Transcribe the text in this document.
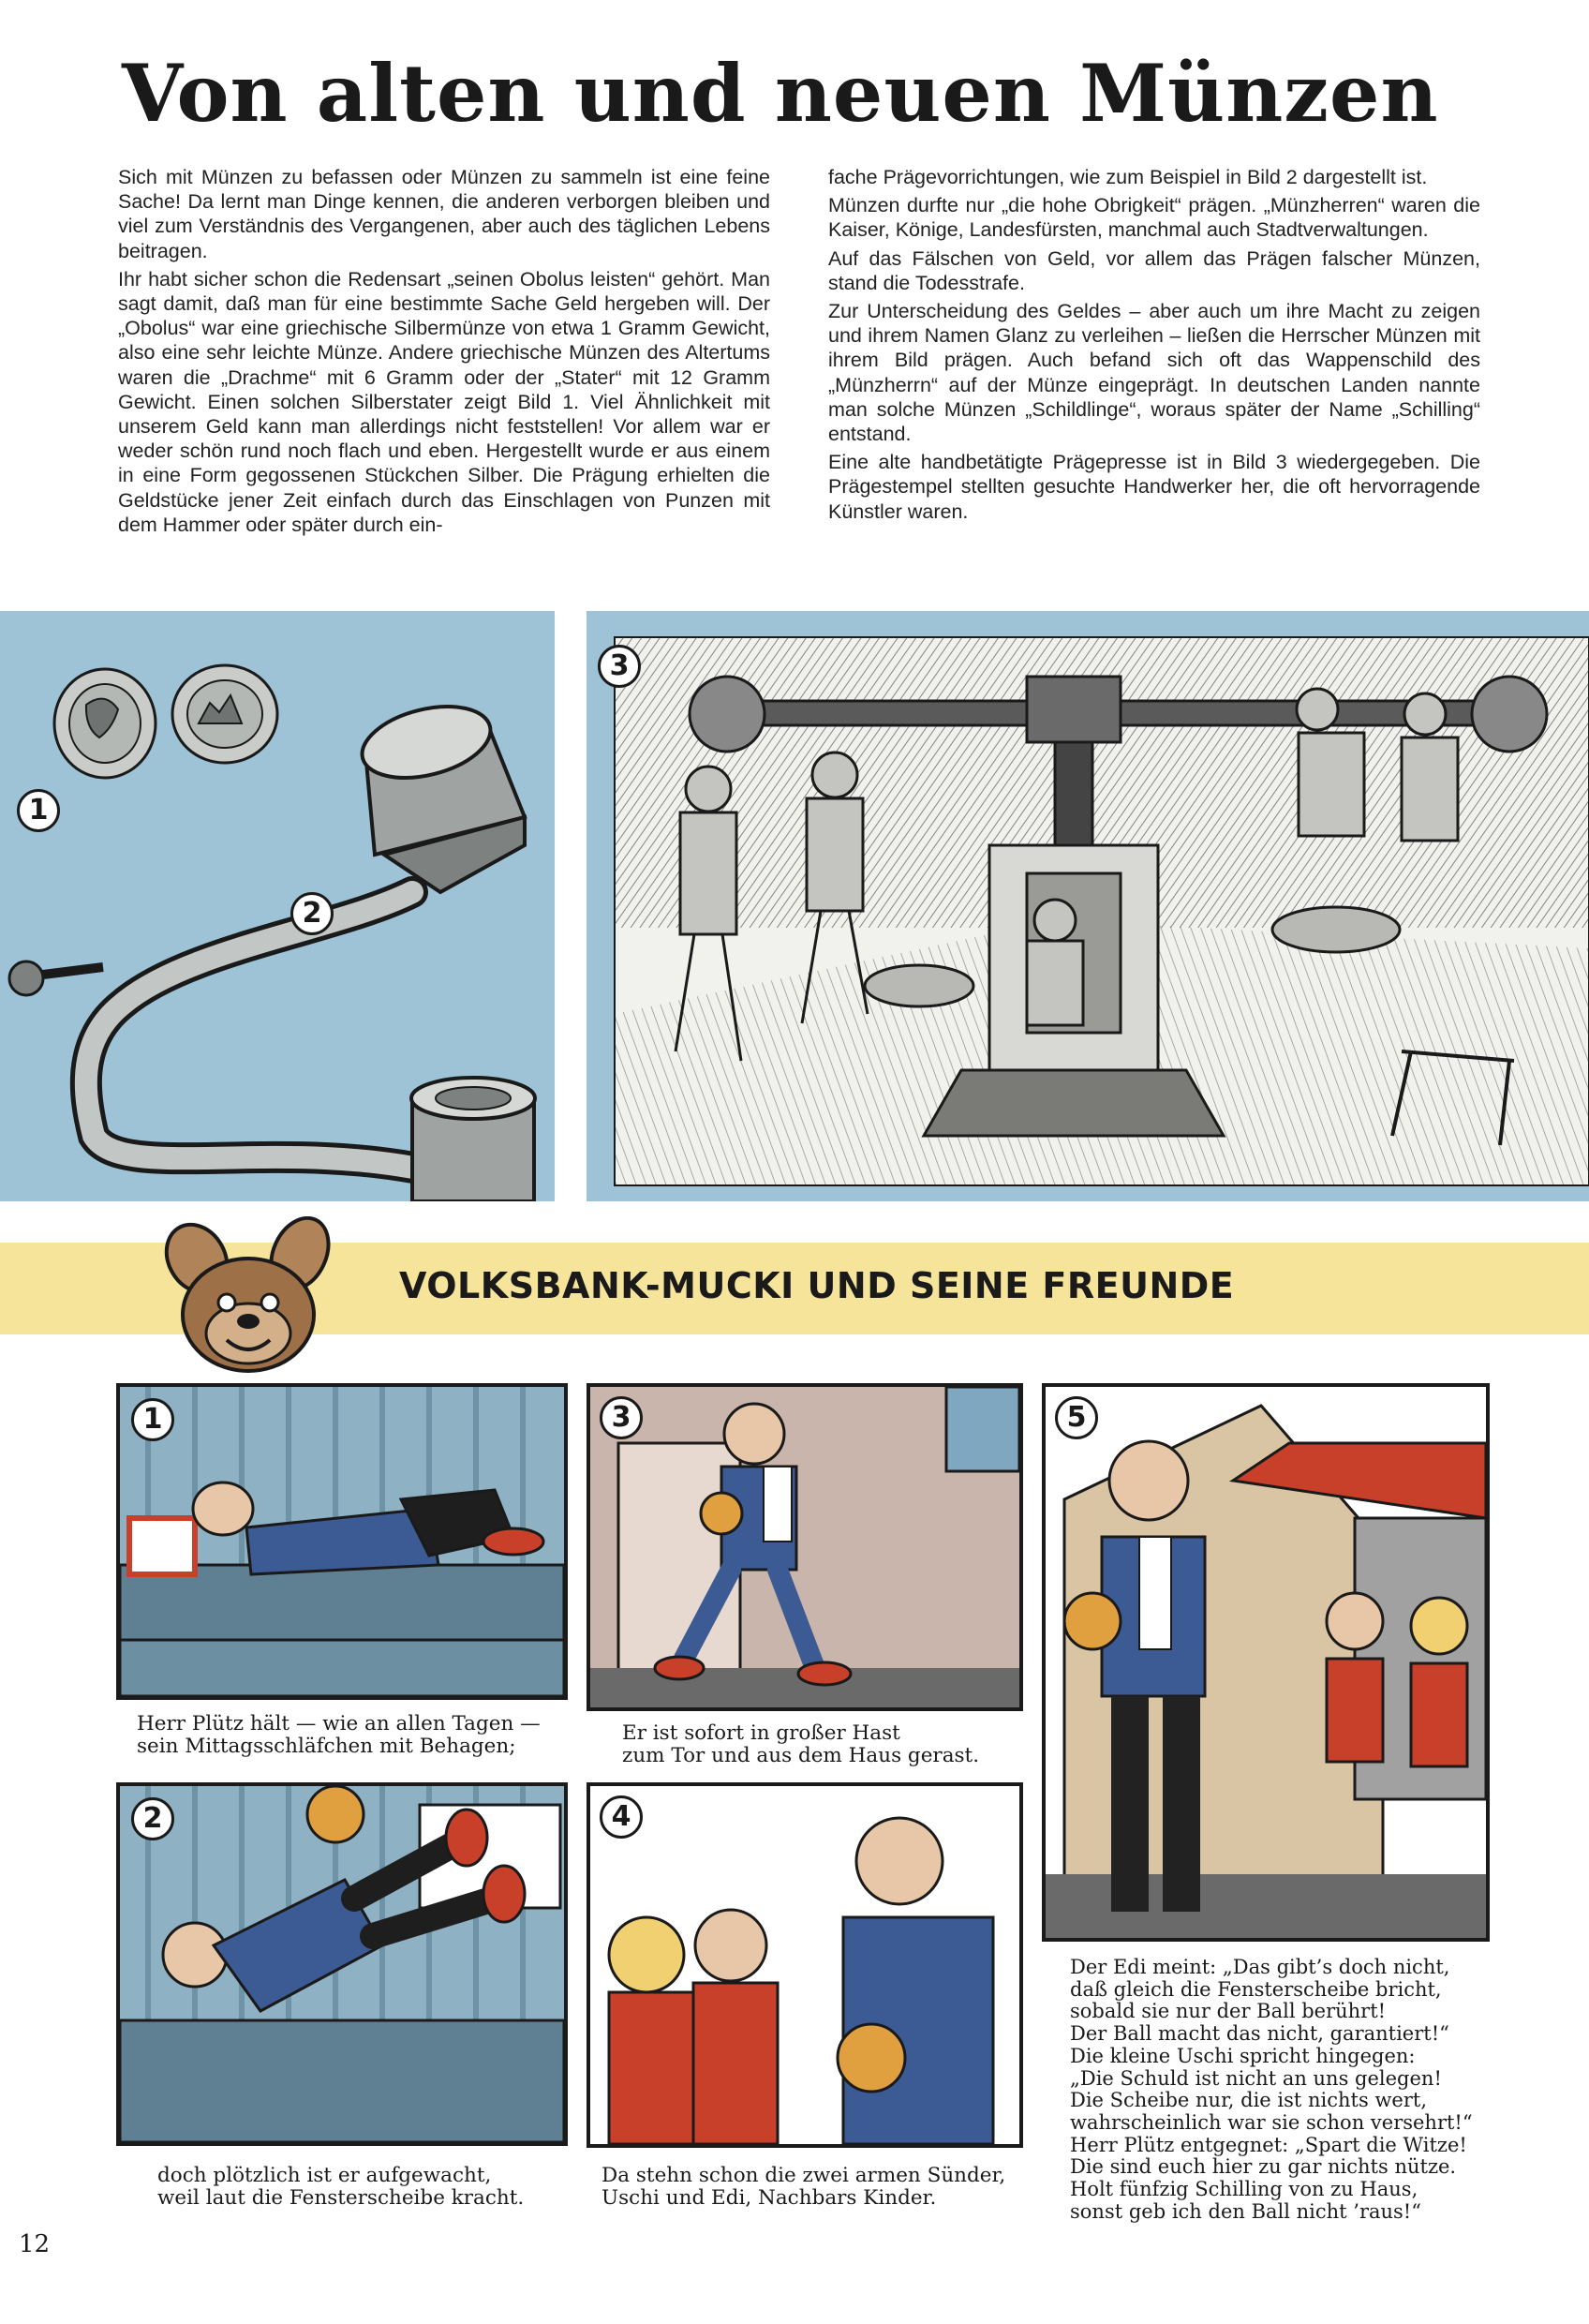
Von alten und neuen Münzen

Sich mit Münzen zu befassen oder Münzen zu sammeln ist eine feine Sache! Da lernt man Dinge kennen, die anderen verborgen bleiben und viel zum Verständnis des Vergangenen, aber auch des täglichen Lebens beitragen.

Ihr habt sicher schon die Redensart „seinen Obolus leisten“ gehört. Man sagt damit, daß man für eine bestimmte Sache Geld hergeben will. Der „Obolus“ war eine griechische Silbermünze von etwa 1 Gramm Gewicht, also eine sehr leichte Münze. Andere griechische Münzen des Altertums waren die „Drachme“ mit 6 Gramm oder der „Stater“ mit 12 Gramm Gewicht. Einen solchen Silberstater zeigt Bild 1. Viel Ähnlichkeit mit unserem Geld kann man allerdings nicht feststellen! Vor allem war er weder schön rund noch flach und eben. Hergestellt wurde er aus einem in eine Form gegossenen Stückchen Silber. Die Prägung erhielten die Geldstücke jener Zeit einfach durch das Einschlagen von Punzen mit dem Hammer oder später durch ein-

fache Prägevorrichtungen, wie zum Beispiel in Bild 2 dargestellt ist.

Münzen durfte nur „die hohe Obrigkeit“ prägen. „Münzherren“ waren die Kaiser, Könige, Landesfürsten, manchmal auch Stadtverwaltungen.

Auf das Fälschen von Geld, vor allem das Prägen falscher Münzen, stand die Todesstrafe.

Zur Unterscheidung des Geldes – aber auch um ihre Macht zu zeigen und ihrem Namen Glanz zu verleihen – ließen die Herrscher Münzen mit ihrem Bild prägen. Auch befand sich oft das Wappenschild des „Münzherrn“ auf der Münze eingeprägt. In deutschen Landen nannte man solche Münzen „Schildlinge“, woraus später der Name „Schilling“ entstand.

Eine alte handbetätigte Prägepresse ist in Bild 3 wiedergegeben. Die Prägestempel stellten gesuchte Handwerker her, die oft hervorragende Künstler waren.

1
2
3
VOLKSBANK-MUCKI UND SEINE FREUNDE
1
Herr Plütz hält — wie an allen Tagen —
sein Mittagsschläfchen mit Behagen;
3
Er ist sofort in großer Hast
zum Tor und aus dem Haus gerast.
5
Der Edi meint: „Das gibt’s doch nicht,
daß gleich die Fensterscheibe bricht,
sobald sie nur der Ball berührt!
Der Ball macht das nicht, garantiert!“
Die kleine Uschi spricht hingegen:
„Die Schuld ist nicht an uns gelegen!
Die Scheibe nur, die ist nichts wert,
wahrscheinlich war sie schon versehrt!“
Herr Plütz entgegnet: „Spart die Witze!
Die sind euch hier zu gar nichts nütze.
Holt fünfzig Schilling von zu Haus,
sonst geb ich den Ball nicht ’raus!“
2
doch plötzlich ist er aufgewacht,
weil laut die Fensterscheibe kracht.
4
Da stehn schon die zwei armen Sünder,
Uschi und Edi, Nachbars Kinder.
12
